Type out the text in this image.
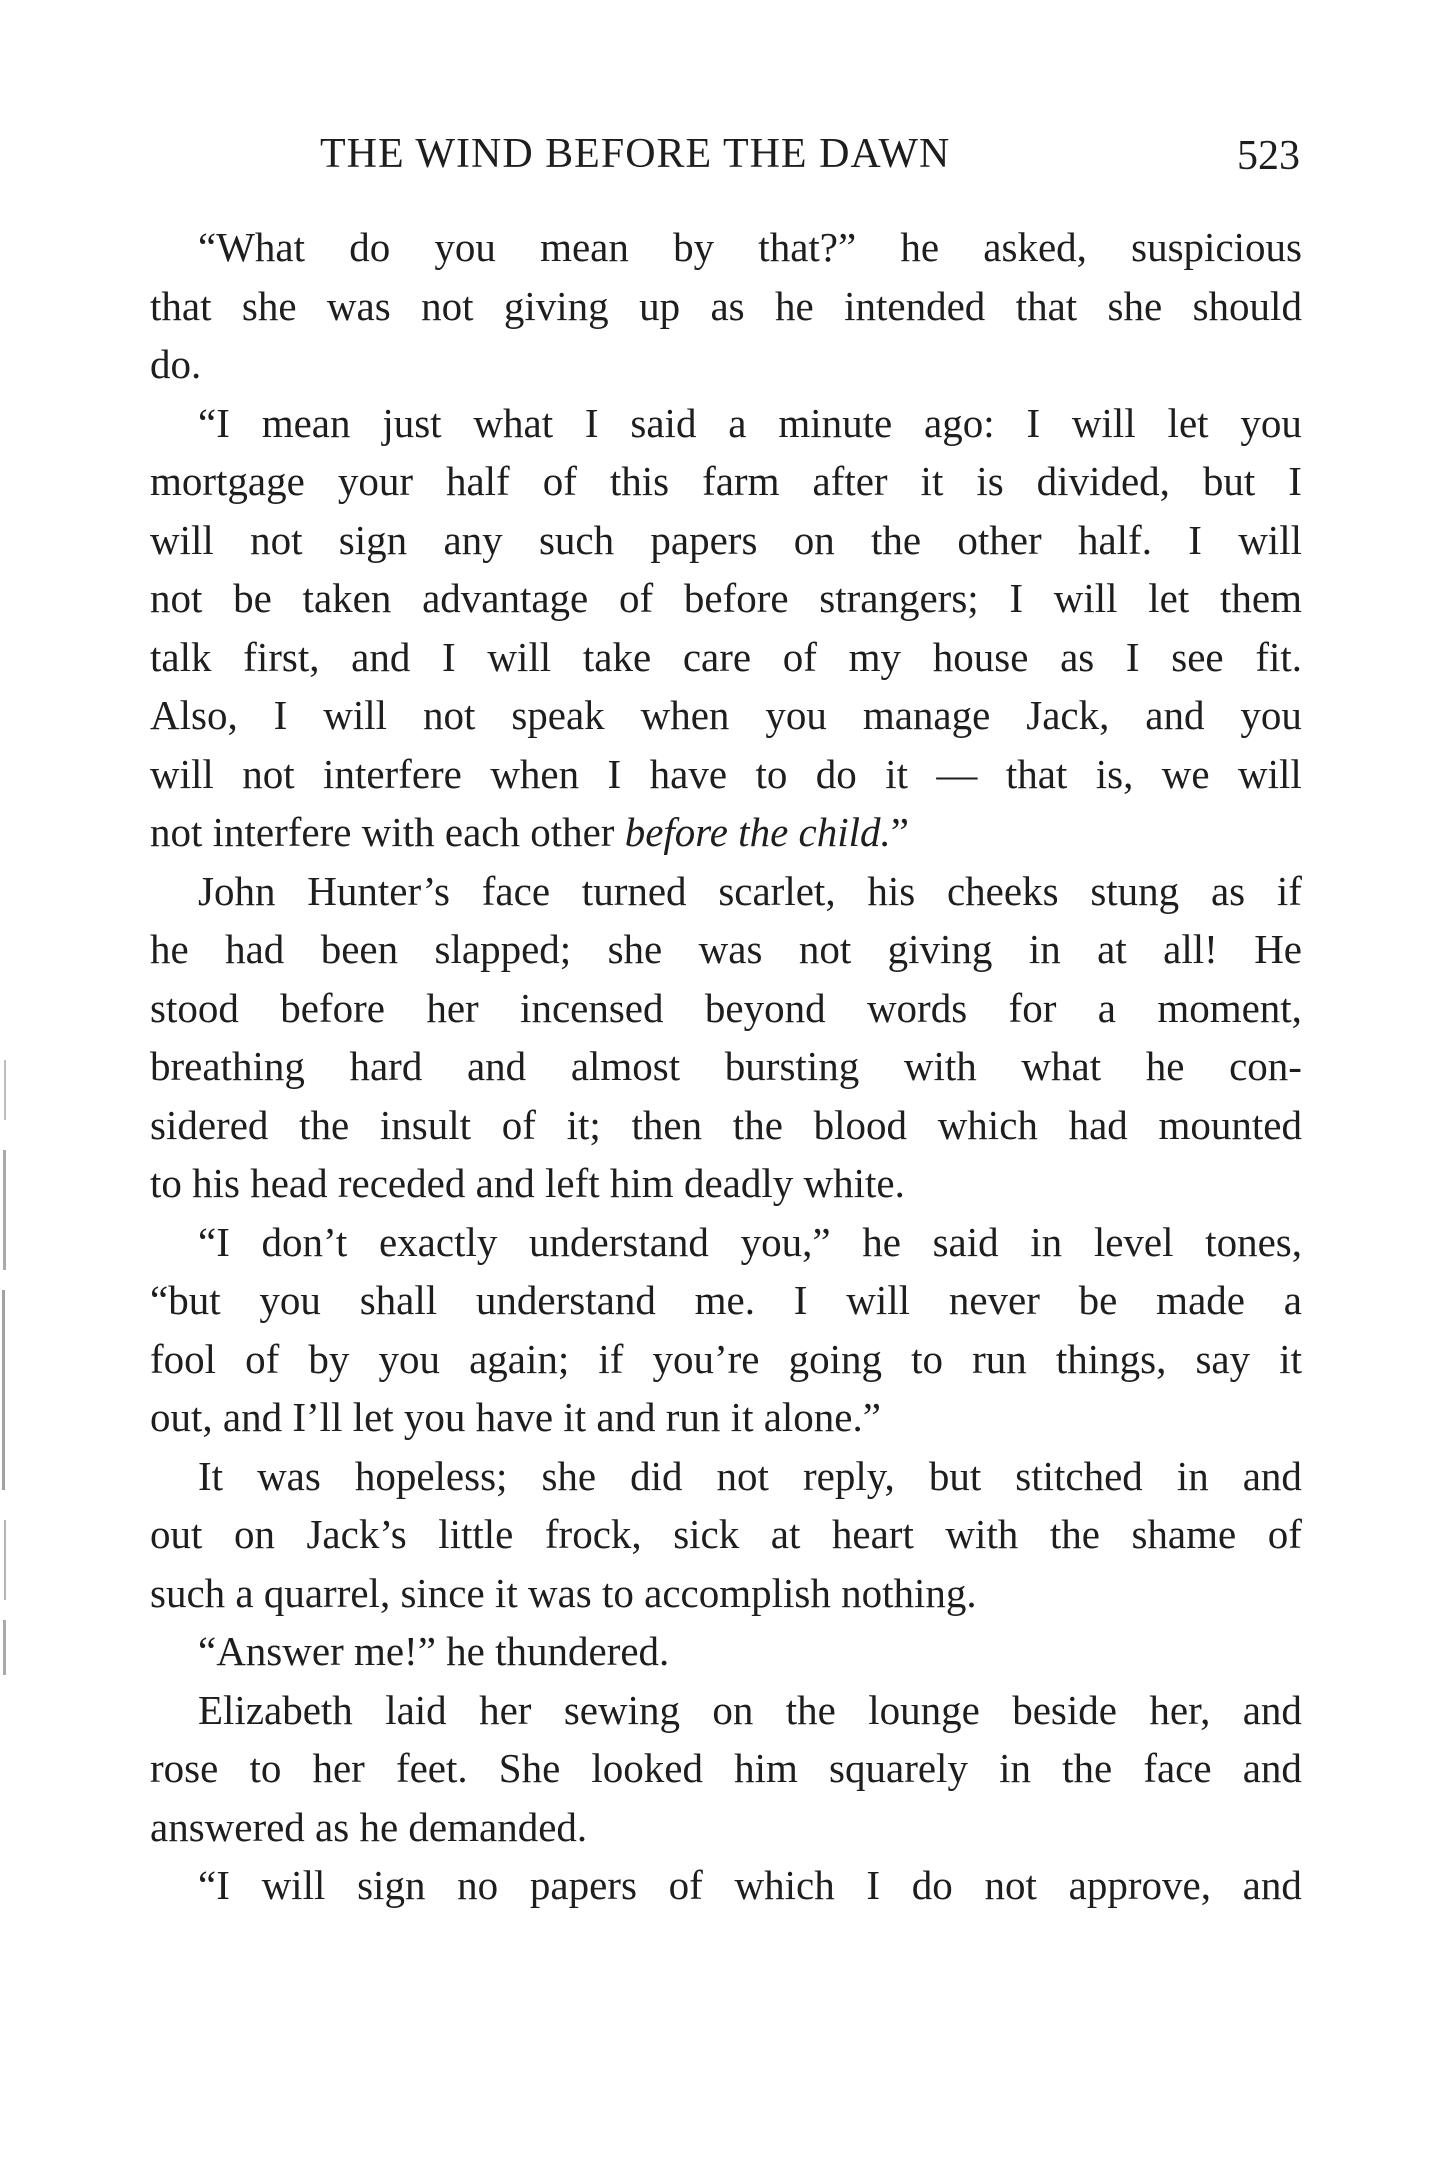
THE WIND BEFORE THE DAWN	523
“What do you mean by that?” he asked, suspicious
that she was not giving up as he intended that she should
do.
“I mean just what I said a minute ago: I will let you
mortgage your half of this farm after it is divided, but I
will not sign any such papers on the other half. I will
not be taken advantage of before strangers; I will let them
talk first, and I will take care of my house as I see fit.
Also, I will not speak when you manage Jack, and you
will not interfere when I have to do it — that is, we will
not interfere with each other before the child.”
John Hunter’s face turned scarlet, his cheeks stung as if
he had been slapped; she was not giving in at all! He
stood before her incensed beyond words for a moment,
breathing hard and almost bursting with what he con-
sidered the insult of it; then the blood which had mounted
to his head receded and left him deadly white.
“I don’t exactly understand you,” he said in level tones,
“but you shall understand me. I will never be made a
fool of by you again; if you’re going to run things, say it
out, and I’ll let you have it and run it alone.”
It was hopeless; she did not reply, but stitched in and
out on Jack’s little frock, sick at heart with the shame of
such a quarrel, since it was to accomplish nothing.
“Answer me!” he thundered.
Elizabeth laid her sewing on the lounge beside her, and
rose to her feet. She looked him squarely in the face and
answered as he demanded.
“I will sign no papers of which I do not approve, and
